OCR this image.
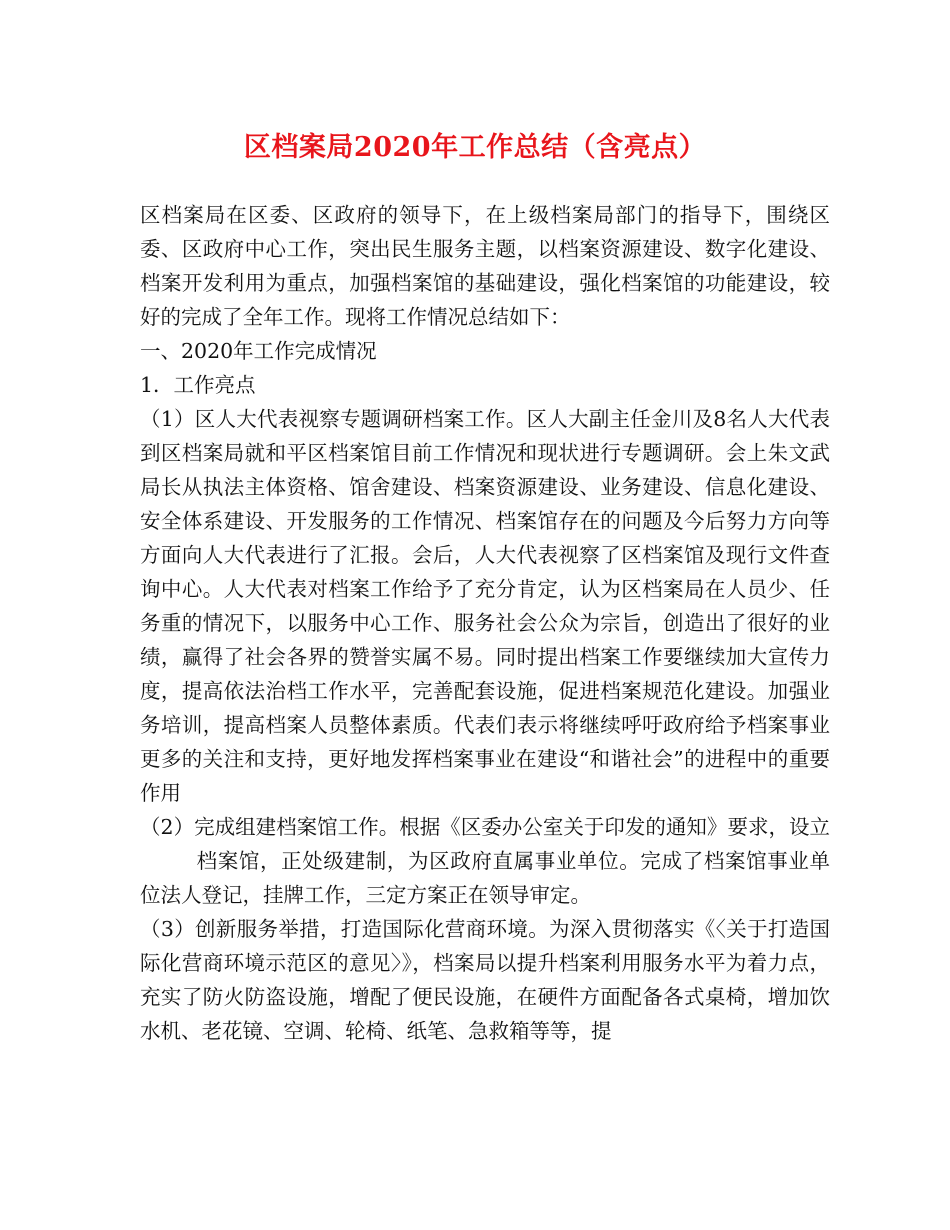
区档案局2020年工作总结（含亮点）

区档案局在区委、区政府的领导下，在上级档案局部门的指导下，围绕区委、区政府中心工作，突出民生服务主题，以档案资源建设、数字化建设、档案开发利用为重点，加强档案馆的基础建设，强化档案馆的功能建设，较好的完成了全年工作。现将工作情况总结如下：

一、2020年工作完成情况

1．工作亮点

（1）区人大代表视察专题调研档案工作。区人大副主任金川及8名人大代表到区档案局就和平区档案馆目前工作情况和现状进行专题调研。会上朱文武局长从执法主体资格、馆舍建设、档案资源建设、业务建设、信息化建设、安全体系建设、开发服务的工作情况、档案馆存在的问题及今后努力方向等方面向人大代表进行了汇报。会后，人大代表视察了区档案馆及现行文件查询中心。人大代表对档案工作给予了充分肯定，认为区档案局在人员少、任务重的情况下，以服务中心工作、服务社会公众为宗旨，创造出了很好的业绩，赢得了社会各界的赞誉实属不易。同时提出档案工作要继续加大宣传力度，提高依法治档工作水平，完善配套设施，促进档案规范化建设。加强业务培训，提高档案人员整体素质。代表们表示将继续呼吁政府给予档案事业更多的关注和支持，更好地发挥档案事业在建设“和谐社会”的进程中的重要作用

（2）完成组建档案馆工作。根据《区委办公室关于印发的通知》要求，设立档案馆，正处级建制，为区政府直属事业单位。完成了档案馆事业单位法人登记，挂牌工作，三定方案正在领导审定。

（3）创新服务举措，打造国际化营商环境。为深入贯彻落实《〈关于打造国际化营商环境示范区的意见〉》，档案局以提升档案利用服务水平为着力点，充实了防火防盗设施，增配了便民设施，在硬件方面配备各式桌椅，增加饮水机、老花镜、空调、轮椅、纸笔、急救箱等等，提
